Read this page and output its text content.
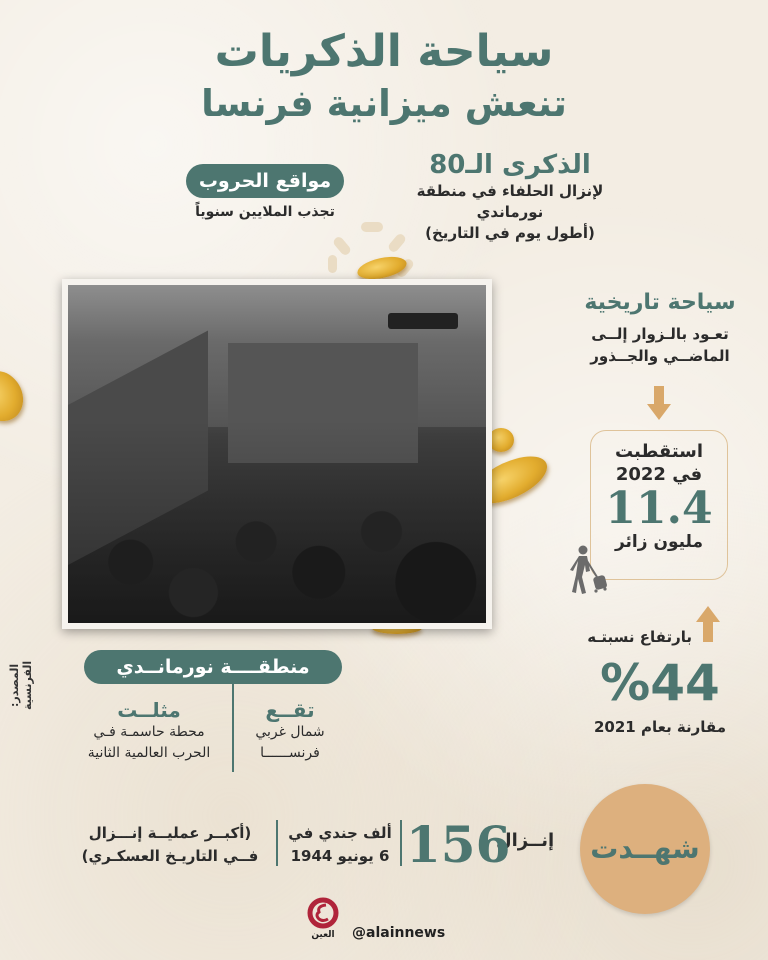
سياحة الذكريات
تنعش ميزانية فرنسا
الذكرى الـ80

لإنزال الحلفاء في منطقة نورماندي

(أطول يوم في التاريخ)

مواقع الحروب
تجذب الملايين سنوياً
سياحة تاريخية
تعـود بالـزوار إلــى
الماضــي والجــذور
استقطبت
في 2022
11.4
مليون زائر
بارتفاع نسبتـه
%44
مقارنة بعام 2021
منطقــــة نورمانــدي
تقــع
شمال غربي
فرنســــــا
مثلــت
محطة حاسمـة فـي
الحرب العالمية الثانية
المصدر: الفرنسية
شهــدت
إنــزال
156
ألف جندي في
6 يونيو 1944
(أكبــر عمليــة إنـــزال
فــي التاريـخ العسكـري)
العين @alainnews
